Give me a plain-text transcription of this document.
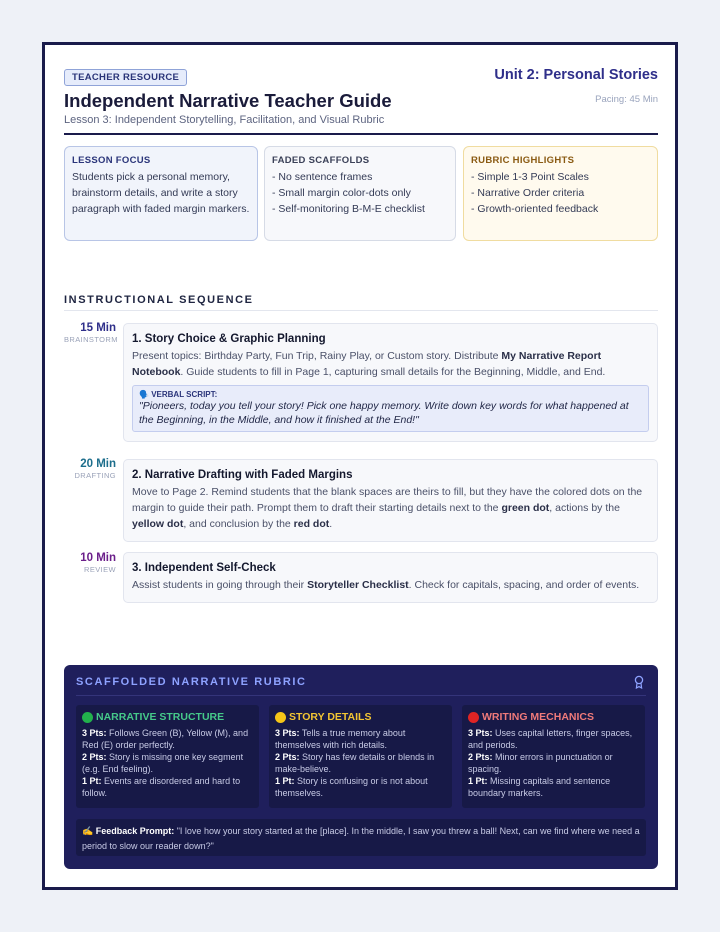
TEACHER RESOURCE	Unit 2: Personal Stories
Pacing: 45 Min
Independent Narrative Teacher Guide
Lesson 3: Independent Storytelling, Facilitation, and Visual Rubric
LESSON FOCUS

Students pick a personal memory, brainstorm details, and write a story paragraph with faded margin markers.

FADED SCAFFOLDS

- No sentence frames

- Small margin color-dots only

- Self-monitoring B-M-E checklist

RUBRIC HIGHLIGHTS

- Simple 1-3 Point Scales

- Narrative Order criteria

- Growth-oriented feedback

INSTRUCTIONAL SEQUENCE
15 Min
BRAINSTORM 1. Story Choice & Graphic Planning

Present topics: Birthday Party, Fun Trip, Rainy Play, or Custom story. Distribute My Narrative Report Notebook. Guide students to fill in Page 1, capturing small details for the Beginning, Middle, and End.

🗣️ VERBAL SCRIPT:
"Pioneers, today you tell your story! Pick one happy memory. Write down key words for what happened at the Beginning, in the Middle, and how it finished at the End!"
20 Min
DRAFTING 2. Narrative Drafting with Faded Margins

Move to Page 2. Remind students that the blank spaces are theirs to fill, but they have the colored dots on the margin to guide their path. Prompt them to draft their starting details next to the green dot, actions by the yellow dot, and conclusion by the red dot.

10 Min
REVIEW 3. Independent Self-Check

Assist students in going through their Storyteller Checklist. Check for capitals, spacing, and order of events.

SCAFFOLDED NARRATIVE RUBRIC
NARRATIVE STRUCTURE

3 Pts: Follows Green (B), Yellow (M), and Red (E) order perfectly.
2 Pts: Story is missing one key segment (e.g. End feeling).
1 Pt: Events are disordered and hard to follow.

STORY DETAILS

3 Pts: Tells a true memory about themselves with rich details.
2 Pts: Story has few details or blends in make-believe.
1 Pt: Story is confusing or is not about themselves.

WRITING MECHANICS

3 Pts: Uses capital letters, finger spaces, and periods.
2 Pts: Minor errors in punctuation or spacing.
1 Pt: Missing capitals and sentence boundary markers.

✍️ Feedback Prompt: "I love how your story started at the [place]. In the middle, I saw you threw a ball! Next, can we find where we need a period to slow our reader down?"
